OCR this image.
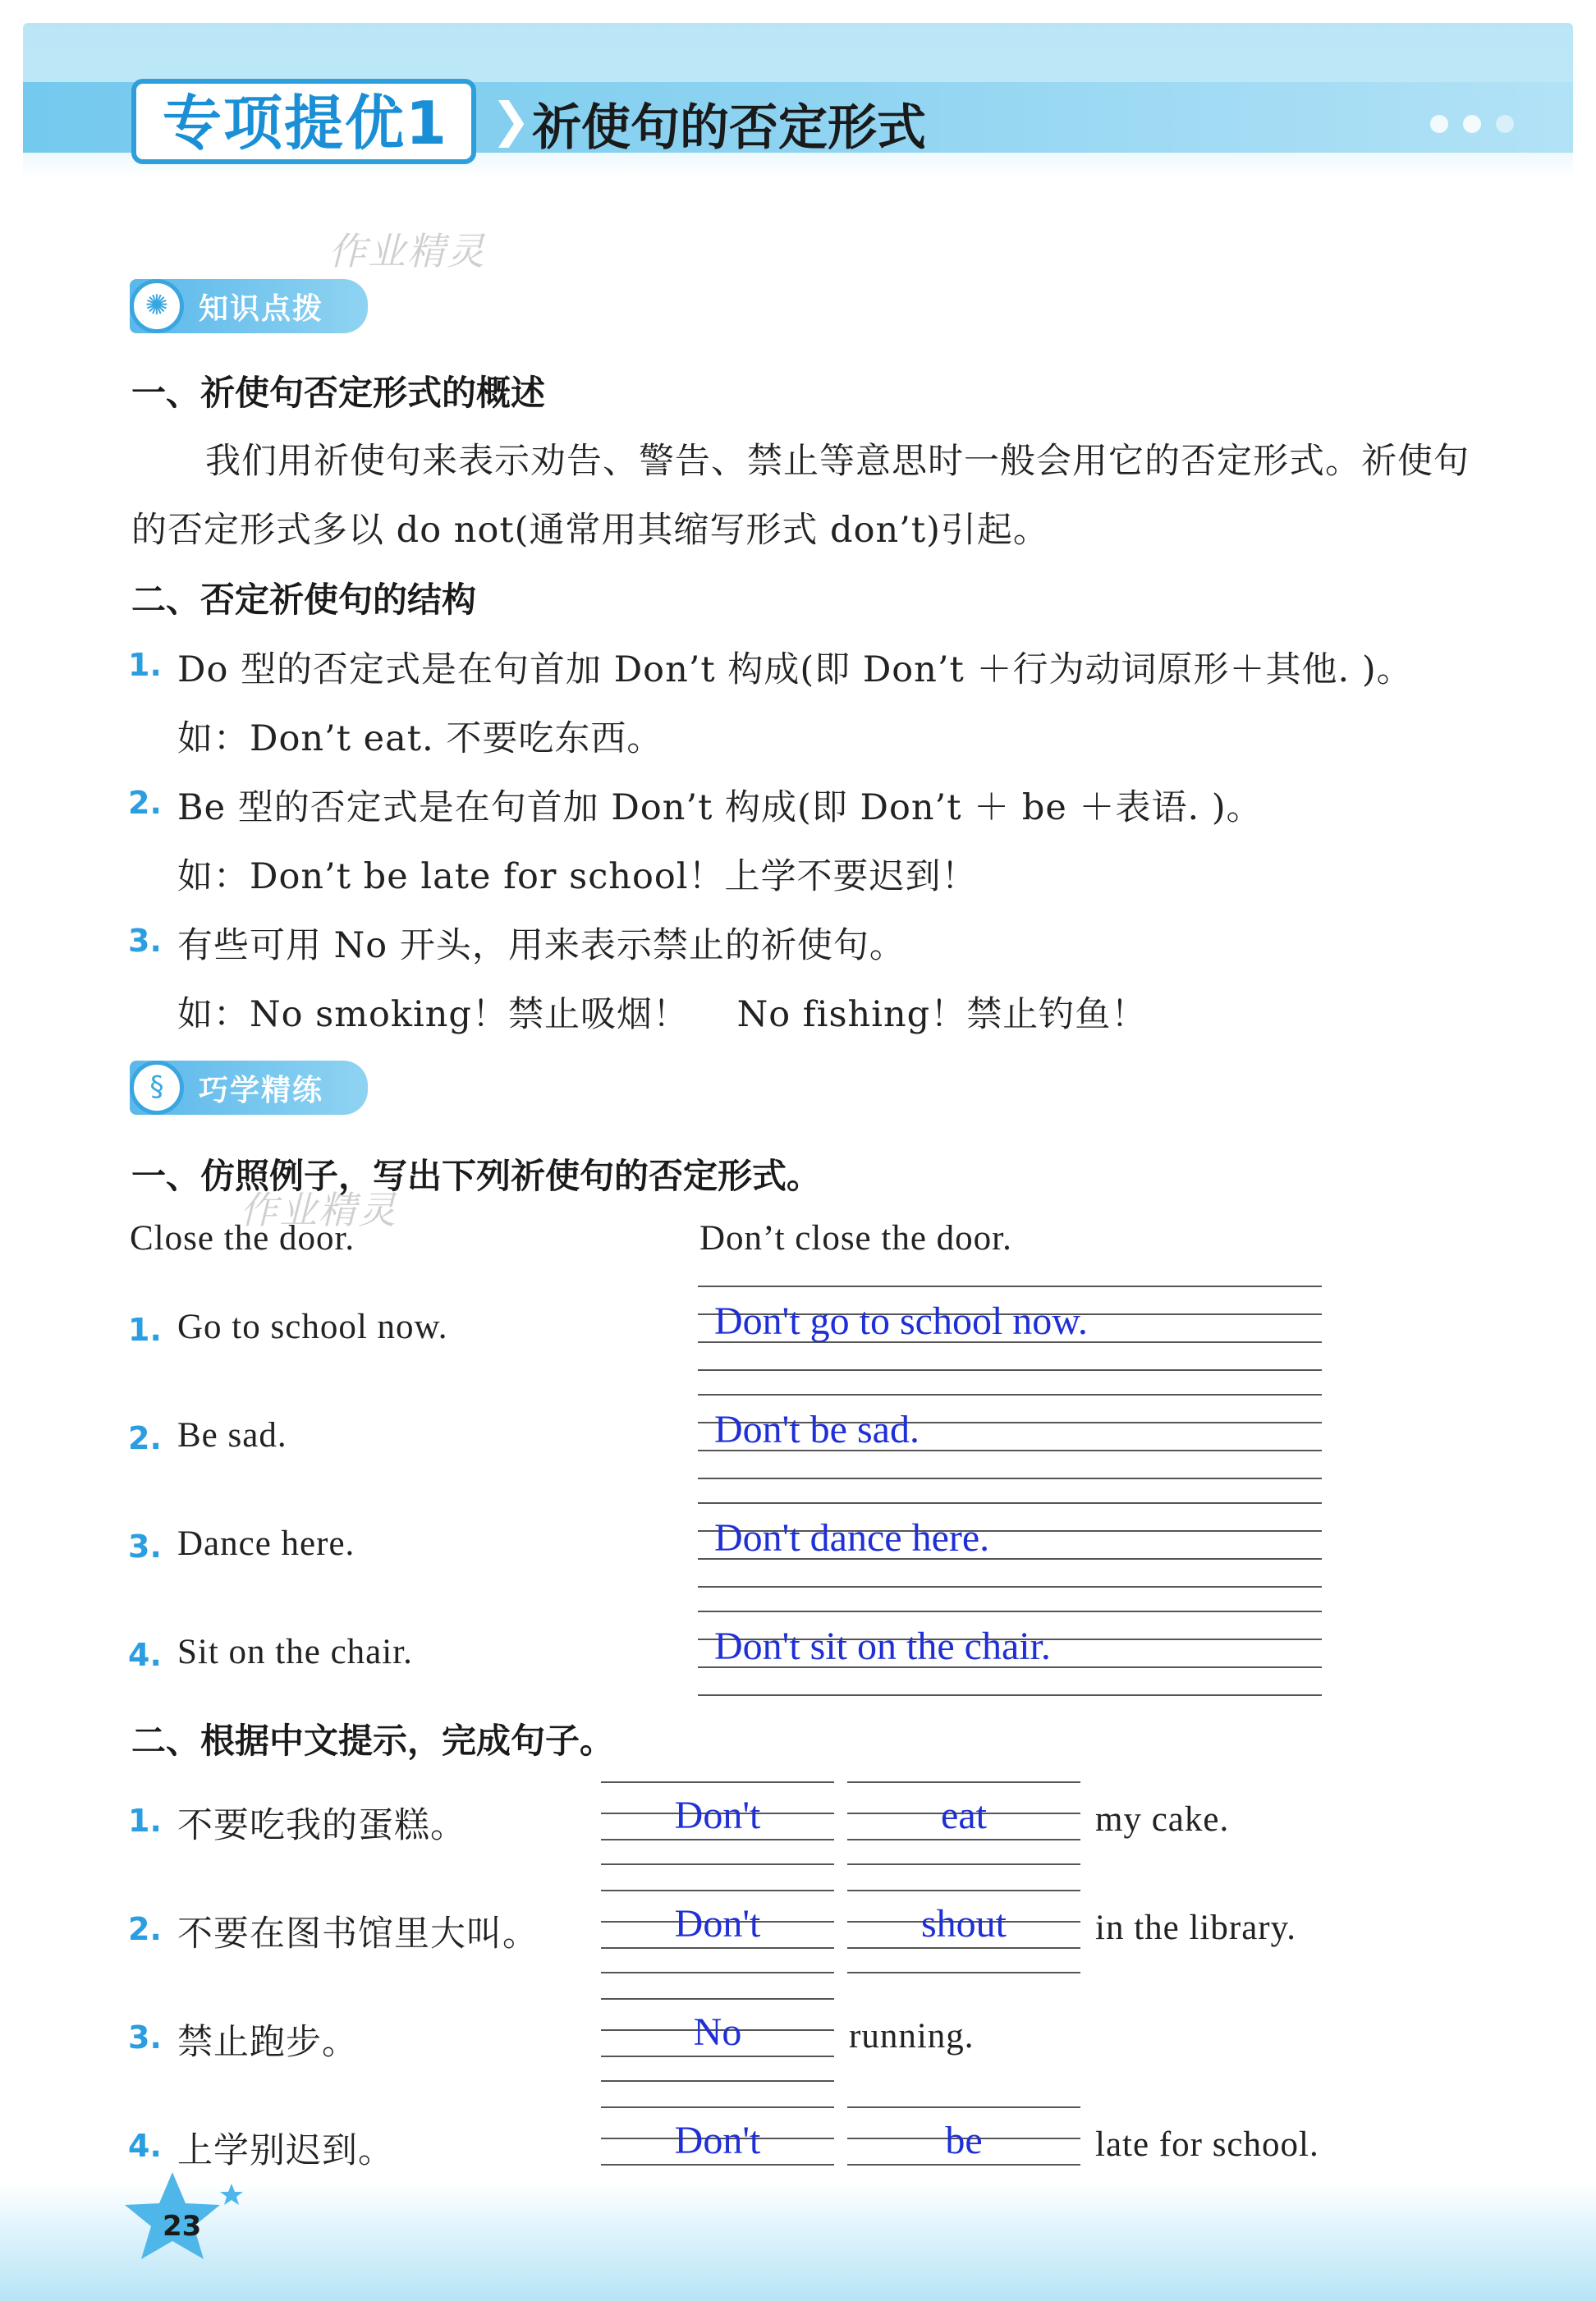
专项提优1 ❯ 祈使句的否定形式
作业精灵
✺	知识点拨
一、祈使句否定形式的概述
我们用祈使句来表示劝告、警告、禁止等意思时一般会用它的否定形式。祈使句
的否定形式多以 do not(通常用其缩写形式 don’t)引起。
二、否定祈使句的结构
1. Do 型的否定式是在句首加 Don’t 构成(即 Don’t ＋行为动词原形＋其他. )。
如：Don’t eat. 不要吃东西。
2. Be 型的否定式是在句首加 Don’t 构成(即 Don’t ＋ be ＋表语. )。
如：Don’t be late for school！上学不要迟到！
3. 有些可用 No 开头，用来表示禁止的祈使句。
如：No smoking！禁止吸烟！　 No fishing！禁止钓鱼！
§	巧学精练
一、仿照例子，写出下列祈使句的否定形式。
作业精灵
Close the door.	Don’t close the door.
1. Go to school now.	Don't go to school now.
2. Be sad.	Don't be sad.
3. Dance here.	Don't dance here.
4. Sit on the chair.	Don't sit on the chair.
二、根据中文提示，完成句子。
1. 不要吃我的蛋糕。	Don't	eat	my cake.
2. 不要在图书馆里大叫。	Don't	shout	in the library.
3. 禁止跑步。	No	running.
4. 上学别迟到。	Don't	be	late for school.
23
